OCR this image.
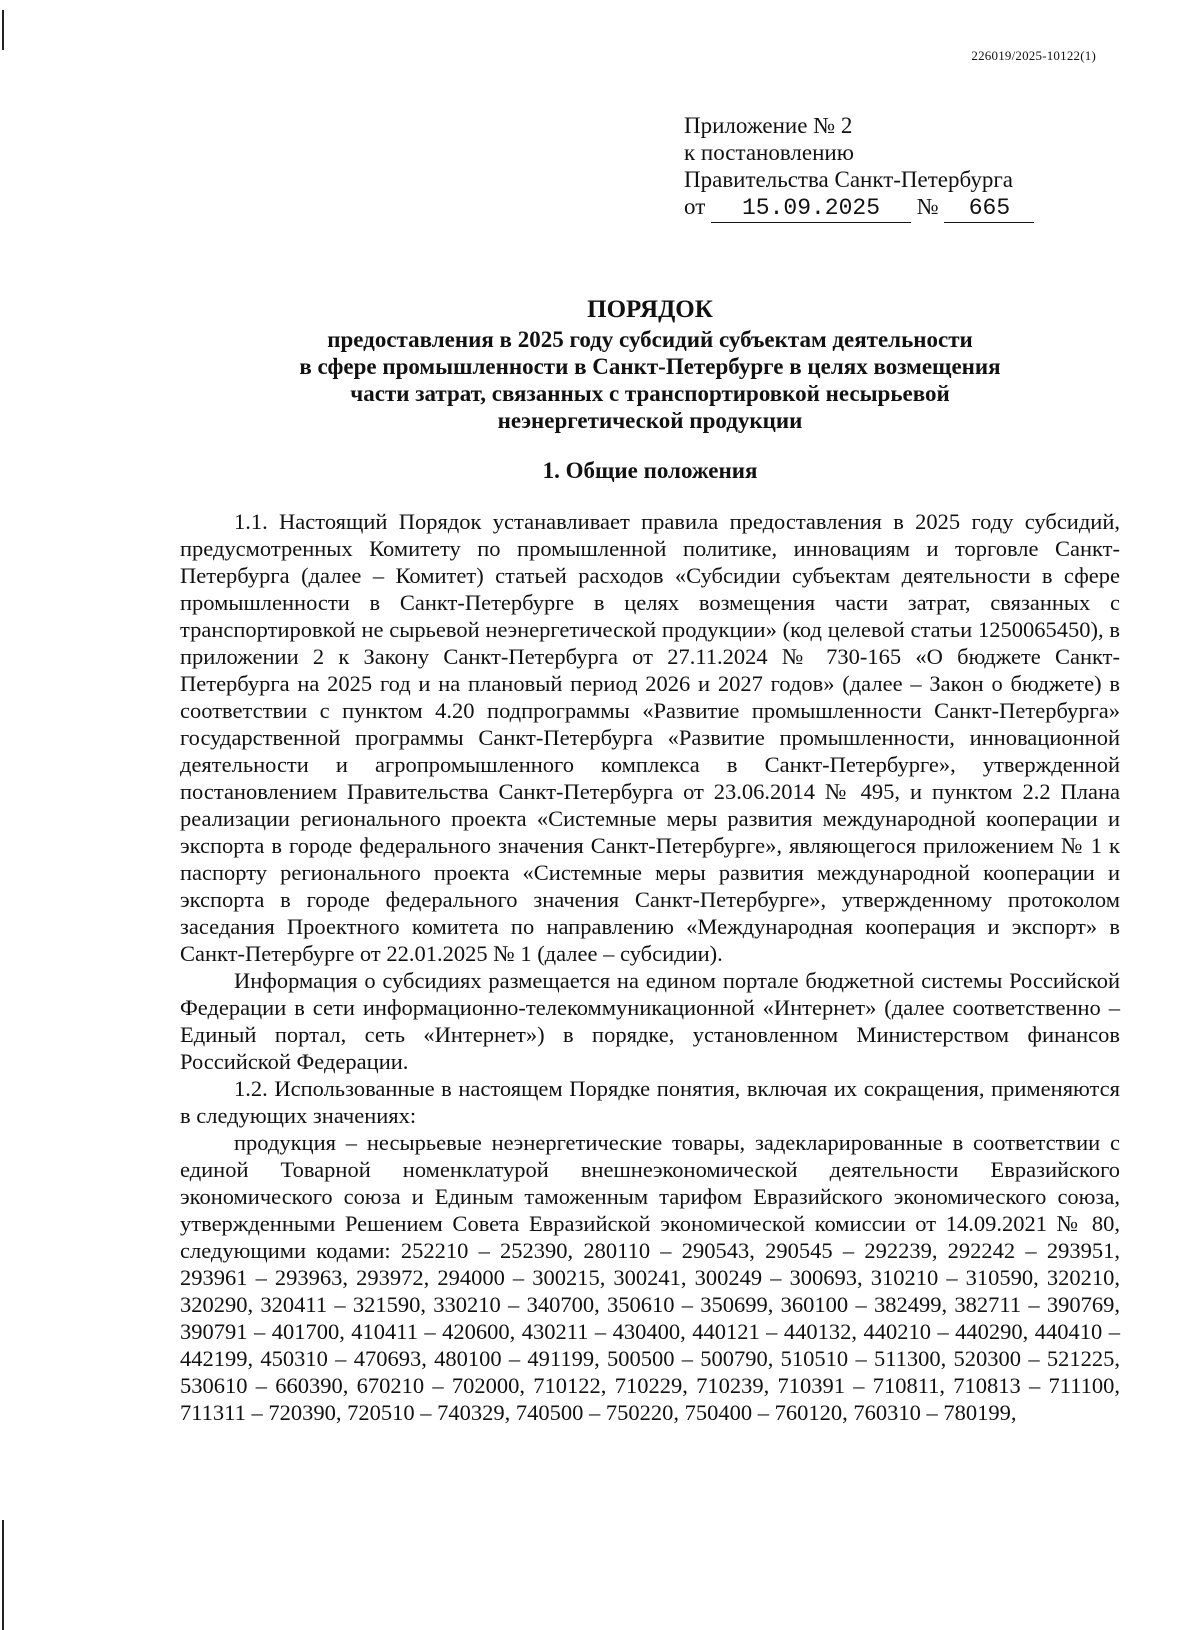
226019/2025-10122(1)
Приложение № 2
к постановлению
Правительства Санкт-Петербурга
от 15.09.2025 № 665
ПОРЯДОК
предоставления в 2025 году субсидий субъектам деятельности
в сфере промышленности в Санкт-Петербурге в целях возмещения
части затрат, связанных с транспортировкой несырьевой
неэнергетической продукции
1. Общие положения

1.1. Настоящий Порядок устанавливает правила предоставления в 2025 году субсидий, предусмотренных Комитету по промышленной политике, инновациям и торговле Санкт-Петербурга (далее – Комитет) статьей расходов «Субсидии субъектам деятельности в сфере промышленности в Санкт-Петербурге в целях возмещения части затрат, связанных с транспортировкой не сырьевой неэнергетической продукции» (код целевой статьи 1250065450), в приложении 2 к Закону Санкт-Петербурга от 27.11.2024 № 730-165 «О бюджете Санкт-Петербурга на 2025 год и на плановый период 2026 и 2027 годов» (далее – Закон о бюджете) в соответствии с пунктом 4.20 подпрограммы «Развитие промышленности Санкт-Петербурга» государственной программы Санкт-Петербурга «Развитие промышленности, инновационной деятельности и агропромышленного комплекса в Санкт-Петербурге», утвержденной постановлением Правительства Санкт-Петербурга от 23.06.2014 № 495, и пунктом 2.2 Плана реализации регионального проекта «Системные меры развития международной кооперации и экспорта в городе федерального значения Санкт-Петербурге», являющегося приложением № 1 к паспорту регионального проекта «Системные меры развития международной кооперации и экспорта в городе федерального значения Санкт-Петербурге», утвержденному протоколом заседания Проектного комитета по направлению «Международная кооперация и экспорт» в Санкт-Петербурге от 22.01.2025 № 1 (далее – субсидии).

Информация о субсидиях размещается на едином портале бюджетной системы Российской Федерации в сети информационно-телекоммуникационной «Интернет» (далее соответственно – Единый портал, сеть «Интернет») в порядке, установленном Министерством финансов Российской Федерации.

1.2. Использованные в настоящем Порядке понятия, включая их сокращения, применяются в следующих значениях:

продукция – несырьевые неэнергетические товары, задекларированные в соответствии с единой Товарной номенклатурой внешнеэкономической деятельности Евразийского экономического союза и Единым таможенным тарифом Евразийского экономического союза, утвержденными Решением Совета Евразийской экономической комиссии от 14.09.2021 № 80, следующими кодами: 252210 – 252390, 280110 – 290543, 290545 – 292239, 292242 – 293951, 293961 – 293963, 293972, 294000 – 300215, 300241, 300249 – 300693, 310210 – 310590, 320210, 320290, 320411 – 321590, 330210 – 340700, 350610 – 350699, 360100 – 382499, 382711 – 390769, 390791 – 401700, 410411 – 420600, 430211 – 430400, 440121 – 440132, 440210 – 440290, 440410 – 442199, 450310 – 470693, 480100 – 491199, 500500 – 500790, 510510 – 511300, 520300 – 521225, 530610 – 660390, 670210 – 702000, 710122, 710229, 710239, 710391 – 710811, 710813 – 711100, 711311 – 720390, 720510 – 740329, 740500 – 750220, 750400 – 760120, 760310 – 780199,
